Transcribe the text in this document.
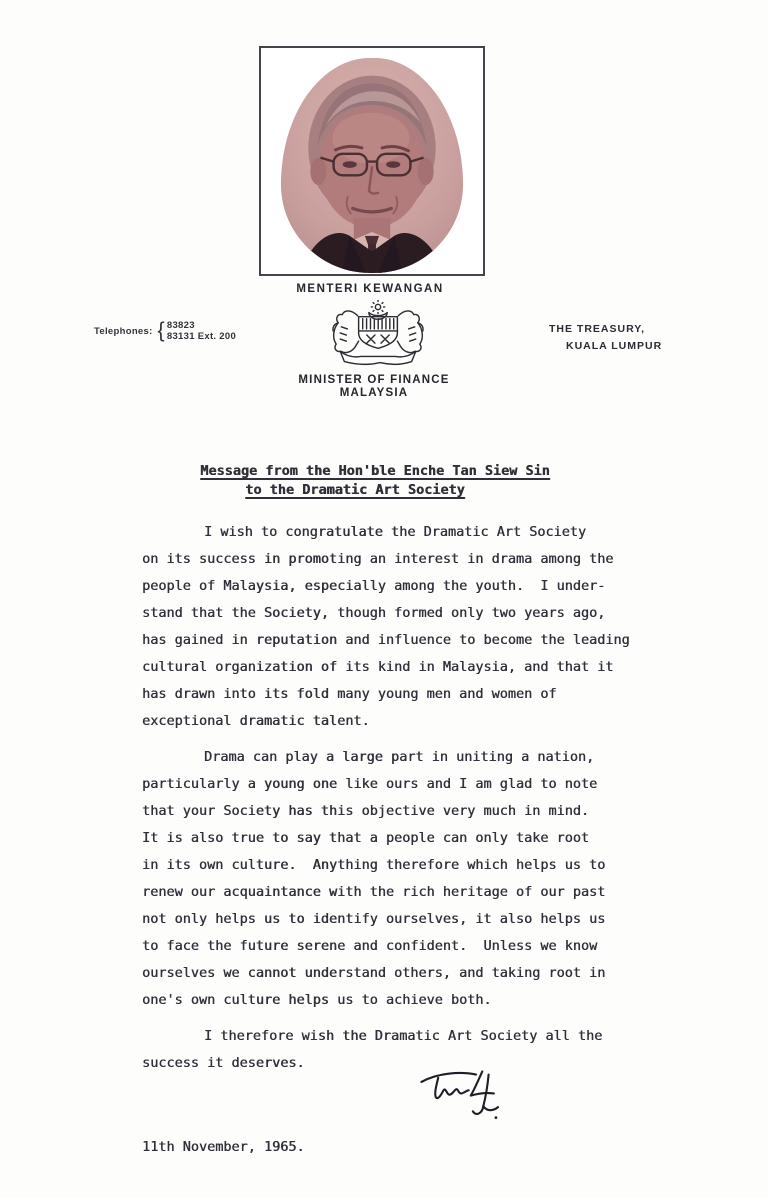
MENTERI KEWANGAN
Telephones: { 83823
83131 Ext. 200
MINISTER OF FINANCE
MALAYSIA
THE TREASURY,
KUALA LUMPUR
Message from the Hon'ble Enche Tan Siew Sin
to the Dramatic Art Society
I wish to congratulate the Dramatic Art Society
on its success in promoting an interest in drama among the
people of Malaysia, especially among the youth.  I under-
stand that the Society, though formed only two years ago,
has gained in reputation and influence to become the leading
cultural organization of its kind in Malaysia, and that it
has drawn into its fold many young men and women of
exceptional dramatic talent.
Drama can play a large part in uniting a nation,
particularly a young one like ours and I am glad to note
that your Society has this objective very much in mind.
It is also true to say that a people can only take root
in its own culture.  Anything therefore which helps us to
renew our acquaintance with the rich heritage of our past
not only helps us to identify ourselves, it also helps us
to face the future serene and confident.  Unless we know
ourselves we cannot understand others, and taking root in
one's own culture helps us to achieve both.
I therefore wish the Dramatic Art Society all the
success it deserves.
11th November, 1965.
